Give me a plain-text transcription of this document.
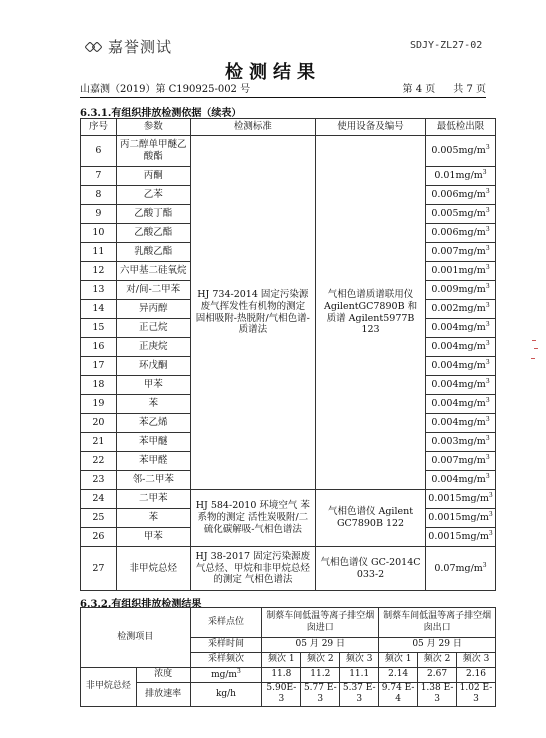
嘉誉测试	SDJY-ZL27-02
检测结果
山嘉测（2019）第 C190925-002 号	第 4 页 共 7 页
6.3.1.有组织排放检测依据（续表）
序号	参数	检测标准	使用设备及编号	最低检出限
6	丙二醇单甲醚乙酸酯	HJ 734-2014 固定污染源废气挥发性有机物的测定 固相吸附-热脱附/气相色谱-质谱法	气相色谱质谱联用仪 AgilentGC7890B 和质谱 Agilent5977B 123	$0.005mg/m^3$
7	丙酮			$0.01mg/m^3$
8	乙苯			$0.006mg/m^3$
9	乙酸丁酯			$0.005mg/m^3$
10	乙酸乙酯			$0.006mg/m^3$
11	乳酸乙酯			$0.007mg/m^3$
12	六甲基二硅氧烷			$0.001mg/m^3$
13	对/间-二甲苯			$0.009mg/m^3$
14	异丙醇			$0.002mg/m^3$
15	正己烷			$0.004mg/m^3$
16	正庚烷			$0.004mg/m^3$
17	环戊酮			$0.004mg/m^3$
18	甲苯			$0.004mg/m^3$
19	苯			$0.004mg/m^3$
20	苯乙烯			$0.004mg/m^3$
21	苯甲醚			$0.003mg/m^3$
22	苯甲醛			$0.007mg/m^3$
23	邻-二甲苯			$0.004mg/m^3$
24	二甲苯	HJ 584-2010 环境空气 苯系物的测定 活性炭吸附/二硫化碳解吸-气相色谱法	气相色谱仪 Agilent GC7890B 122	$0.0015mg/m^3$
25	苯			$0.0015mg/m^3$
26	甲苯			$0.0015mg/m^3$
27	非甲烷总烃	HJ 38-2017 固定污染源废气总烃、甲烷和非甲烷总烃的测定 气相色谱法	气相色谱仪 GC-2014C 033-2	$0.07mg/m^3$
6.3.2.有组织排放检测结果
检测项目		采样点位	制蔡车间低温等离子排空烟囱进口			制蔡车间低温等离子排空烟囱出口		
		采样时间	05 月 29 日			05 月 29 日		
		采样频次	频次 1	频次 2	频次 3	频次 1	频次 2	频次 3
非甲烷总烃	浓度	$mg/m^3$	11.8	11.2	11.1	2.14	2.67	2.16
	排放速率	kg/h	5.90E-3	5.77 E-3	5.37 E-3	9.74 E-4	1.38 E-3	1.02 E-3
